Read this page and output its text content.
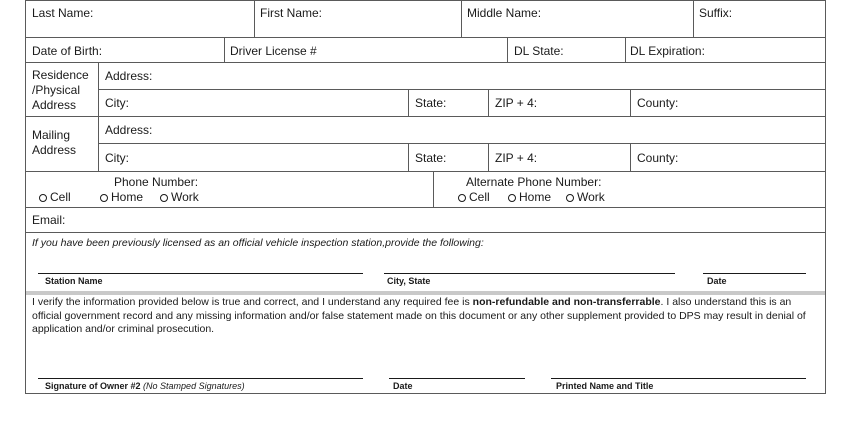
Last Name:	First Name:	Middle Name:	Suffix:
Date of Birth:	Driver License #	DL State:	DL Expiration:
Residence
/Physical
Address
Address:
City:	State:	ZIP + 4:	County:
Mailing
Address
Address:
City:	State:	ZIP + 4:	County:
Phone Number:
Cell	Home	Work
Alternate Phone Number:
Cell	Home	Work
Email:
If you have been previously licensed as an official vehicle inspection station,provide the following:
Station Name	City, State	Date
I verify the information provided below is true and correct, and I understand any required fee is non-refundable and non-transferrable. I also understand this is an official government record and any missing information and/or false statement made on this document or any other supplement provided to DPS may result in denial of application and/or criminal prosecution.
Signature of Owner #2 (No Stamped Signatures)	Date	Printed Name and Title
